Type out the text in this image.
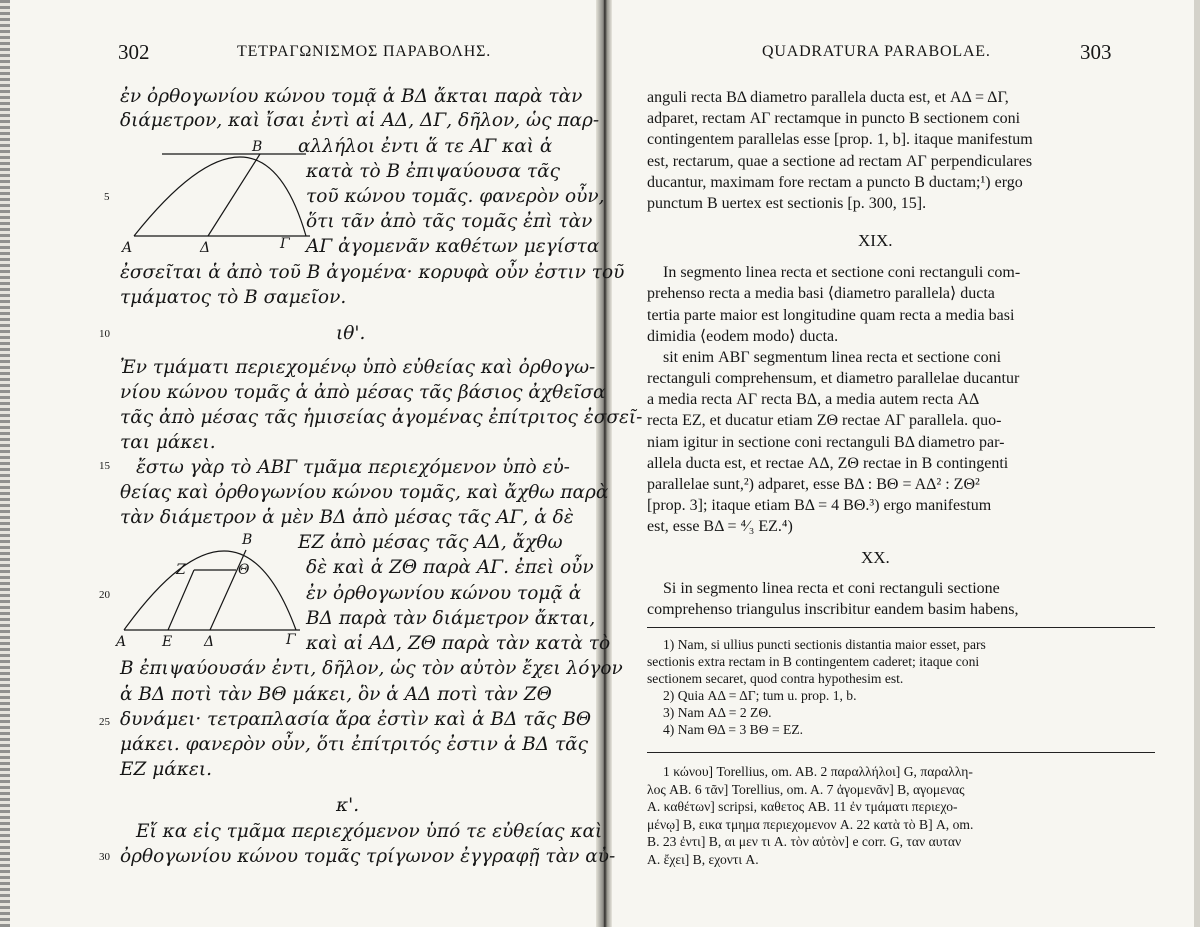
302	ΤΕΤΡΑΓΩΝΙΣΜΟΣ ΠΑΡΑΒΟΛΗΣ.
5
10
15
20
25
30
ἐν ὀρθογωνίου κώνου τομᾷ ἁ ΒΔ ἄκται παρὰ τὰν
διάμετρον, καὶ ἴσαι ἐντὶ αἱ ΑΔ, ΔΓ, δῆλον, ὡς παρ-
αλλήλοι ἐντι ἅ τε ΑΓ καὶ ἁ
κατὰ τὸ Β ἐπιψαύουσα τᾶς
τοῦ κώνου τομᾶς. φανερὸν οὖν,
ὅτι τᾶν ἀπὸ τᾶς τομᾶς ἐπὶ τὰν
ΑΓ ἀγομενᾶν καθέτων μεγίστα
ἐσσεῖται ἁ ἀπὸ τοῦ Β ἀγομένα· κορυφὰ οὖν ἐστιν τοῦ
τμάματος τὸ Β σαμεῖον.
ιθ'.
Ἐν τμάματι περιεχομένῳ ὑπὸ εὐθείας καὶ ὀρθογω-
νίου κώνου τομᾶς ἁ ἀπὸ μέσας τᾶς βάσιος ἀχθεῖσα
τᾶς ἀπὸ μέσας τᾶς ἡμισείας ἀγομένας ἐπίτριτος ἐσσεῖ-
ται μάκει.
ἔστω γὰρ τὸ ΑΒΓ τμᾶμα περιεχόμενον ὑπὸ εὐ-
θείας καὶ ὀρθογωνίου κώνου τομᾶς, καὶ ἄχθω παρὰ
τὰν διάμετρον ἁ μὲν ΒΔ ἀπὸ μέσας τᾶς ΑΓ, ἁ δὲ
ΕΖ ἀπὸ μέσας τᾶς ΑΔ, ἄχθω
δὲ καὶ ἁ ΖΘ παρὰ ΑΓ. ἐπεὶ οὖν
ἐν ὀρθογωνίου κώνου τομᾷ ἁ
ΒΔ παρὰ τὰν διάμετρον ἄκται,
καὶ αἱ ΑΔ, ΖΘ παρὰ τὰν κατὰ τὸ
Β ἐπιψαύουσάν ἐντι, δῆλον, ὡς τὸν αὐτὸν ἔχει λόγον
ἁ ΒΔ ποτὶ τὰν ΒΘ μάκει, ὃν ἁ ΑΔ ποτὶ τὰν ΖΘ
δυνάμει· τετραπλασία ἄρα ἐστὶν καὶ ἁ ΒΔ τᾶς ΒΘ
μάκει. φανερὸν οὖν, ὅτι ἐπίτριτός ἐστιν ἁ ΒΔ τᾶς
ΕΖ μάκει.
κ'.
Εἴ κα εἰς τμᾶμα περιεχόμενον ὑπό τε εὐθείας καὶ
ὀρθογωνίου κώνου τομᾶς τρίγωνον ἐγγραφῇ τὰν αὐ-
Β
Α	Δ	Γ
Β
Ζ	Θ
Α	Ε Δ	Γ
QUADRATURA PARABOLAE.	303
anguli recta ΒΔ diametro parallela ducta est, et ΑΔ = ΔΓ,
adparet, rectam ΑΓ rectamque in puncto Β sectionem coni
contingentem parallelas esse [prop. 1, b]. itaque manifestum
est, rectarum, quae a sectione ad rectam ΑΓ perpendiculares
ducantur, maximam fore rectam a puncto Β ductam;¹) ergo
punctum Β uertex est sectionis [p. 300, 15].
XIX.
In segmento linea recta et sectione coni rectanguli com-
prehenso recta a media basi ⟨diametro parallela⟩ ducta
tertia parte maior est longitudine quam recta a media basi
dimidia ⟨eodem modo⟩ ducta.
sit enim ΑΒΓ segmentum linea recta et sectione coni
rectanguli comprehensum, et diametro parallelae ducantur
a media recta ΑΓ recta ΒΔ, a media autem recta ΑΔ
recta ΕΖ, et ducatur etiam ΖΘ rectae ΑΓ parallela. quo-
niam igitur in sectione coni rectanguli ΒΔ diametro par-
allela ducta est, et rectae ΑΔ, ΖΘ rectae in Β contingenti
parallelae sunt,²) adparet, esse ΒΔ : ΒΘ = ΑΔ² : ΖΘ²
[prop. 3]; itaque etiam ΒΔ = 4 ΒΘ.³) ergo manifestum
est, esse ΒΔ = ⁴⁄₃ ΕΖ.⁴)
XX.
Si in segmento linea recta et coni rectanguli sectione
comprehenso triangulus inscribitur eandem basim habens,
1) Nam, si ullius puncti sectionis distantia maior esset, pars
sectionis extra rectam in Β contingentem caderet; itaque coni
sectionem secaret, quod contra hypothesim est.
2) Quia ΑΔ = ΔΓ; tum u. prop. 1, b.
3) Nam ΑΔ = 2 ΖΘ.
4) Nam ΘΔ = 3 ΒΘ = ΕΖ.
1 κώνου] Torellius, om. AB. 2 παραλλήλοι] G, παραλλη-
λος AB. 6 τᾶν] Torellius, om. A. 7 ἀγομενᾶν] B, αγομενας
A. καθέτων] scripsi, καθετος AB. 11 ἐν τμάματι περιεχο-
μένῳ] B, εικα τμημα περιεχομενον A. 22 κατὰ τὸ Β] A, om.
B. 23 ἐντι] B, αι μεν τι A. τὸν αὐτὸν] e corr. G, ταν αυταν
A. ἔχει] B, εχοντι A.
